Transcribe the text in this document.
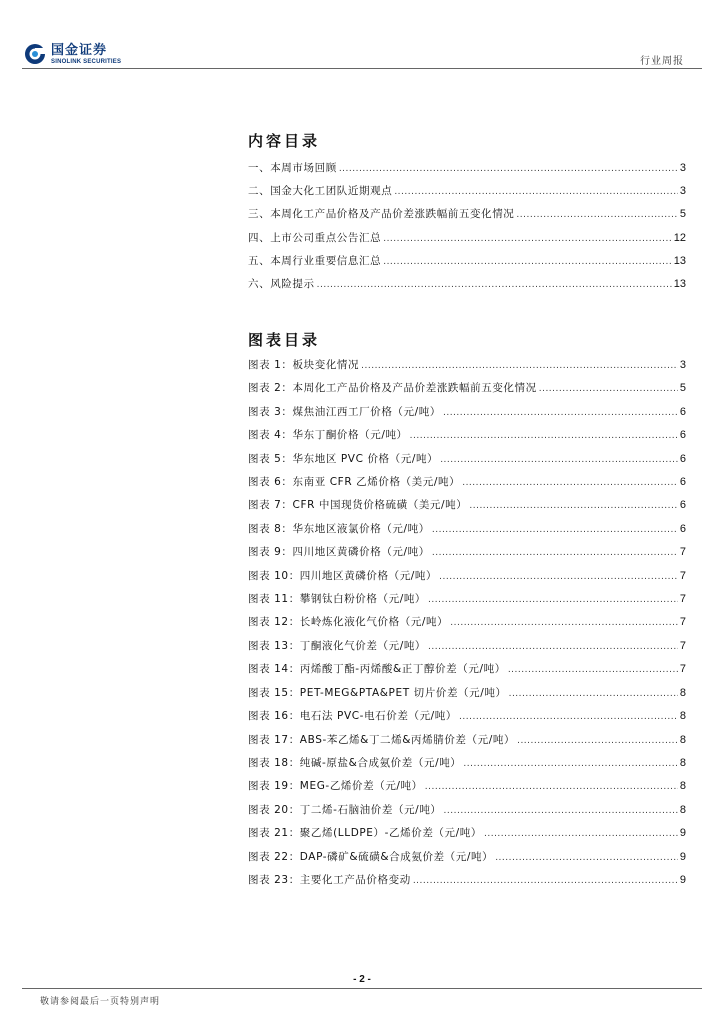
国金证券
SINOLINK SECURITIES	行业周报
内容目录
一、本周市场回顾 .....	3
二、国金大化工团队近期观点 .....	3
三、本周化工产品价格及产品价差涨跌幅前五变化情况 .....	5
四、上市公司重点公告汇总 .....	12
五、本周行业重要信息汇总 .....	13
六、风险提示 .....	13
图表目录
图表 1：板块变化情况 .....	3
图表 2：本周化工产品价格及产品价差涨跌幅前五变化情况 .....	5
图表 3：煤焦油江西工厂价格（元/吨） .....	6
图表 4：华东丁酮价格（元/吨） .....	6
图表 5：华东地区 PVC 价格（元/吨） .....	6
图表 6：东南亚 CFR 乙烯价格（美元/吨） .....	6
图表 7：CFR 中国现货价格硫磺（美元/吨） .....	6
图表 8：华东地区液氯价格（元/吨） .....	6
图表 9：四川地区黄磷价格（元/吨） .....	7
图表 10：四川地区黄磷价格（元/吨） .....	7
图表 11：攀钢钛白粉价格（元/吨） .....	7
图表 12：长岭炼化液化气价格（元/吨） .....	7
图表 13：丁酮液化气价差（元/吨） .....	7
图表 14：丙烯酸丁酯-丙烯酸&正丁醇价差（元/吨） .....	7
图表 15：PET-MEG&PTA&PET 切片价差（元/吨） .....	8
图表 16：电石法 PVC-电石价差（元/吨） .....	8
图表 17：ABS-苯乙烯&丁二烯&丙烯腈价差（元/吨） .....	8
图表 18：纯碱-原盐&合成氨价差（元/吨） .....	8
图表 19：MEG-乙烯价差（元/吨） .....	8
图表 20：丁二烯-石脑油价差（元/吨） .....	8
图表 21：聚乙烯(LLDPE）-乙烯价差（元/吨） .....	9
图表 22：DAP-磷矿&硫磺&合成氨价差（元/吨） .....	9
图表 23：主要化工产品价格变动 .....	9
- 2 -
敬请参阅最后一页特别声明
